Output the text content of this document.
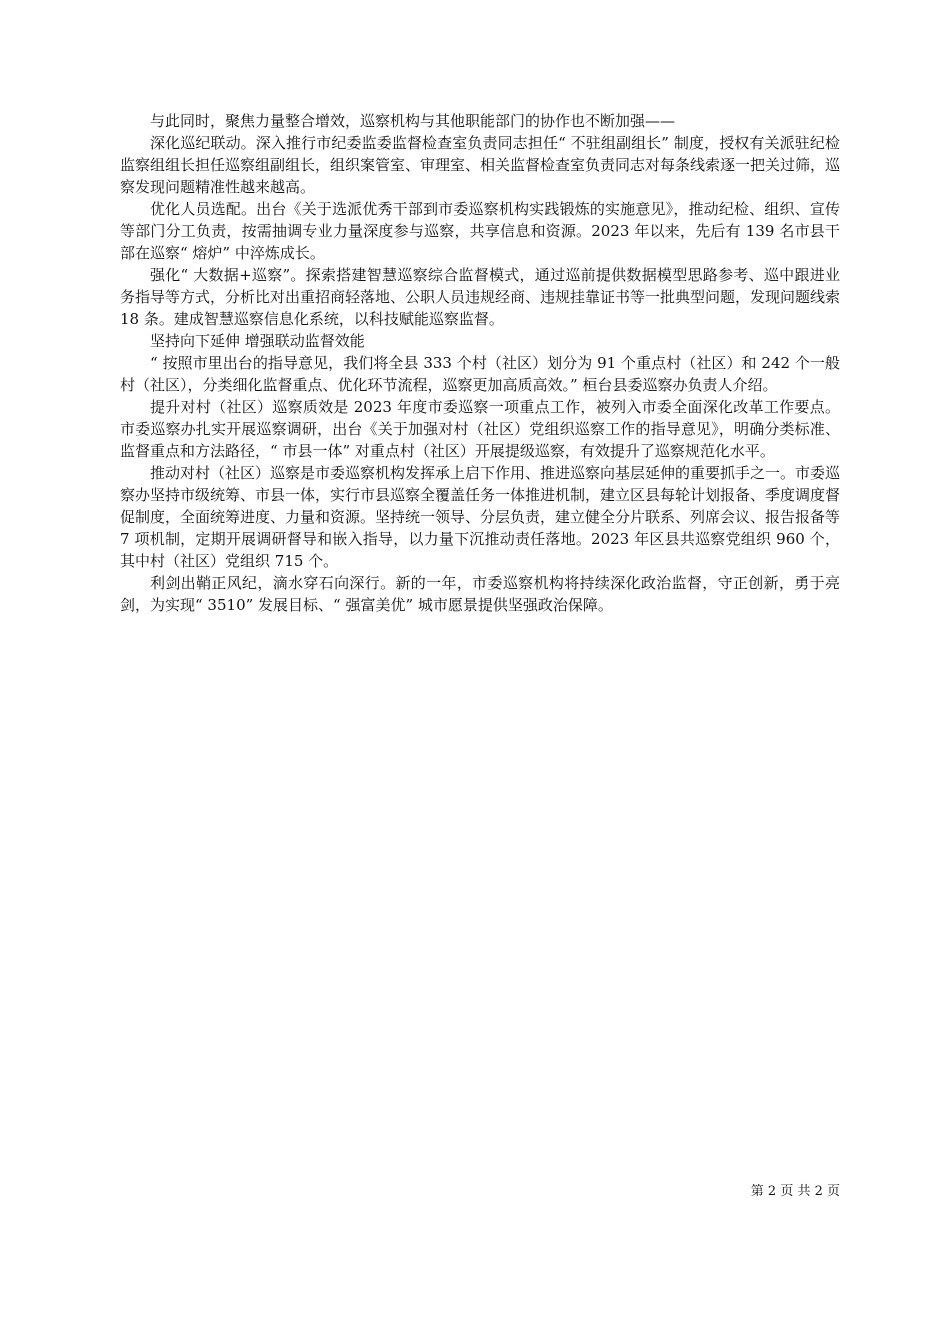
与此同时，聚焦力量整合增效，巡察机构与其他职能部门的协作也不断加强——

深化巡纪联动。深入推行市纪委监委监督检查室负责同志担任“ 不驻组副组长” 制度，授权有关派驻纪检监察组组长担任巡察组副组长，组织案管室、审理室、相关监督检查室负责同志对每条线索逐一把关过筛，巡察发现问题精准性越来越高。

优化人员选配。出台《关于选派优秀干部到市委巡察机构实践锻炼的实施意见》，推动纪检、组织、宣传等部门分工负责，按需抽调专业力量深度参与巡察，共享信息和资源。2023 年以来，先后有 139 名市县干部在巡察“ 熔炉” 中淬炼成长。

强化“ 大数据+巡察”。探索搭建智慧巡察综合监督模式，通过巡前提供数据模型思路参考、巡中跟进业务指导等方式，分析比对出重招商轻落地、公职人员违规经商、违规挂靠证书等一批典型问题，发现问题线索 18 条。建成智慧巡察信息化系统，以科技赋能巡察监督。

坚持向下延伸 增强联动监督效能

“ 按照市里出台的指导意见，我们将全县 333 个村（社区）划分为 91 个重点村（社区）和 242 个一般村（社区），分类细化监督重点、优化环节流程，巡察更加高质高效。” 桓台县委巡察办负责人介绍。

提升对村（社区）巡察质效是 2023 年度市委巡察一项重点工作，被列入市委全面深化改革工作要点。市委巡察办扎实开展巡察调研，出台《关于加强对村（社区）党组织巡察工作的指导意见》，明确分类标准、监督重点和方法路径，“ 市县一体” 对重点村（社区）开展提级巡察，有效提升了巡察规范化水平。

推动对村（社区）巡察是市委巡察机构发挥承上启下作用、推进巡察向基层延伸的重要抓手之一。市委巡察办坚持市级统筹、市县一体，实行市县巡察全覆盖任务一体推进机制，建立区县每轮计划报备、季度调度督促制度，全面统筹进度、力量和资源。坚持统一领导、分层负责，建立健全分片联系、列席会议、报告报备等 7 项机制，定期开展调研督导和嵌入指导，以力量下沉推动责任落地。2023 年区县共巡察党组织 960 个，其中村（社区）党组织 715 个。

利剑出鞘正风纪，滴水穿石向深行。新的一年，市委巡察机构将持续深化政治监督，守正创新，勇于亮剑，为实现“ 3510” 发展目标、“ 强富美优” 城市愿景提供坚强政治保障。

第 2 页 共 2 页
